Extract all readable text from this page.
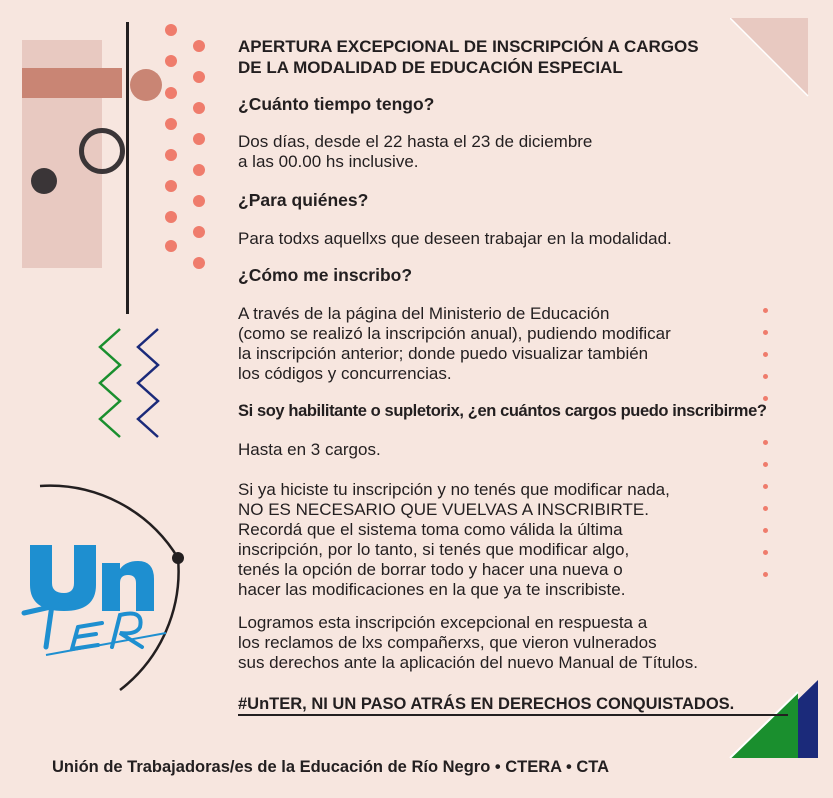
APERTURA EXCEPCIONAL DE INSCRIPCIÓN A CARGOS
DE LA MODALIDAD DE EDUCACIÓN ESPECIAL
¿Cuánto tiempo tengo?
Dos días, desde el 22 hasta el 23 de diciembre
a las 00.00 hs inclusive.
¿Para quiénes?
Para todxs aquellxs que deseen trabajar en la modalidad.
¿Cómo me inscribo?
A través de la página del Ministerio de Educación
(como se realizó la inscripción anual), pudiendo modificar
la inscripción anterior; donde puedo visualizar también
los códigos y concurrencias.
Si soy habilitante o supletorix, ¿en cuántos cargos puedo inscribirme?
Hasta en 3 cargos.
Si ya hiciste tu inscripción y no tenés que modificar nada,
NO ES NECESARIO QUE VUELVAS A INSCRIBIRTE.
Recordá que el sistema toma como válida la última
inscripción, por lo tanto, si tenés que modificar algo,
tenés la opción de borrar todo y hacer una nueva o
hacer las modificaciones en la que ya te inscribiste.
Logramos esta inscripción excepcional en respuesta a
los reclamos de lxs compañerxs, que vieron vulnerados
sus derechos ante la aplicación del nuevo Manual de Títulos.
#UnTER, NI UN PASO ATRÁS EN DERECHOS CONQUISTADOS.
Unión de Trabajadoras/es de la Educación de Río Negro • CTERA • CTA
